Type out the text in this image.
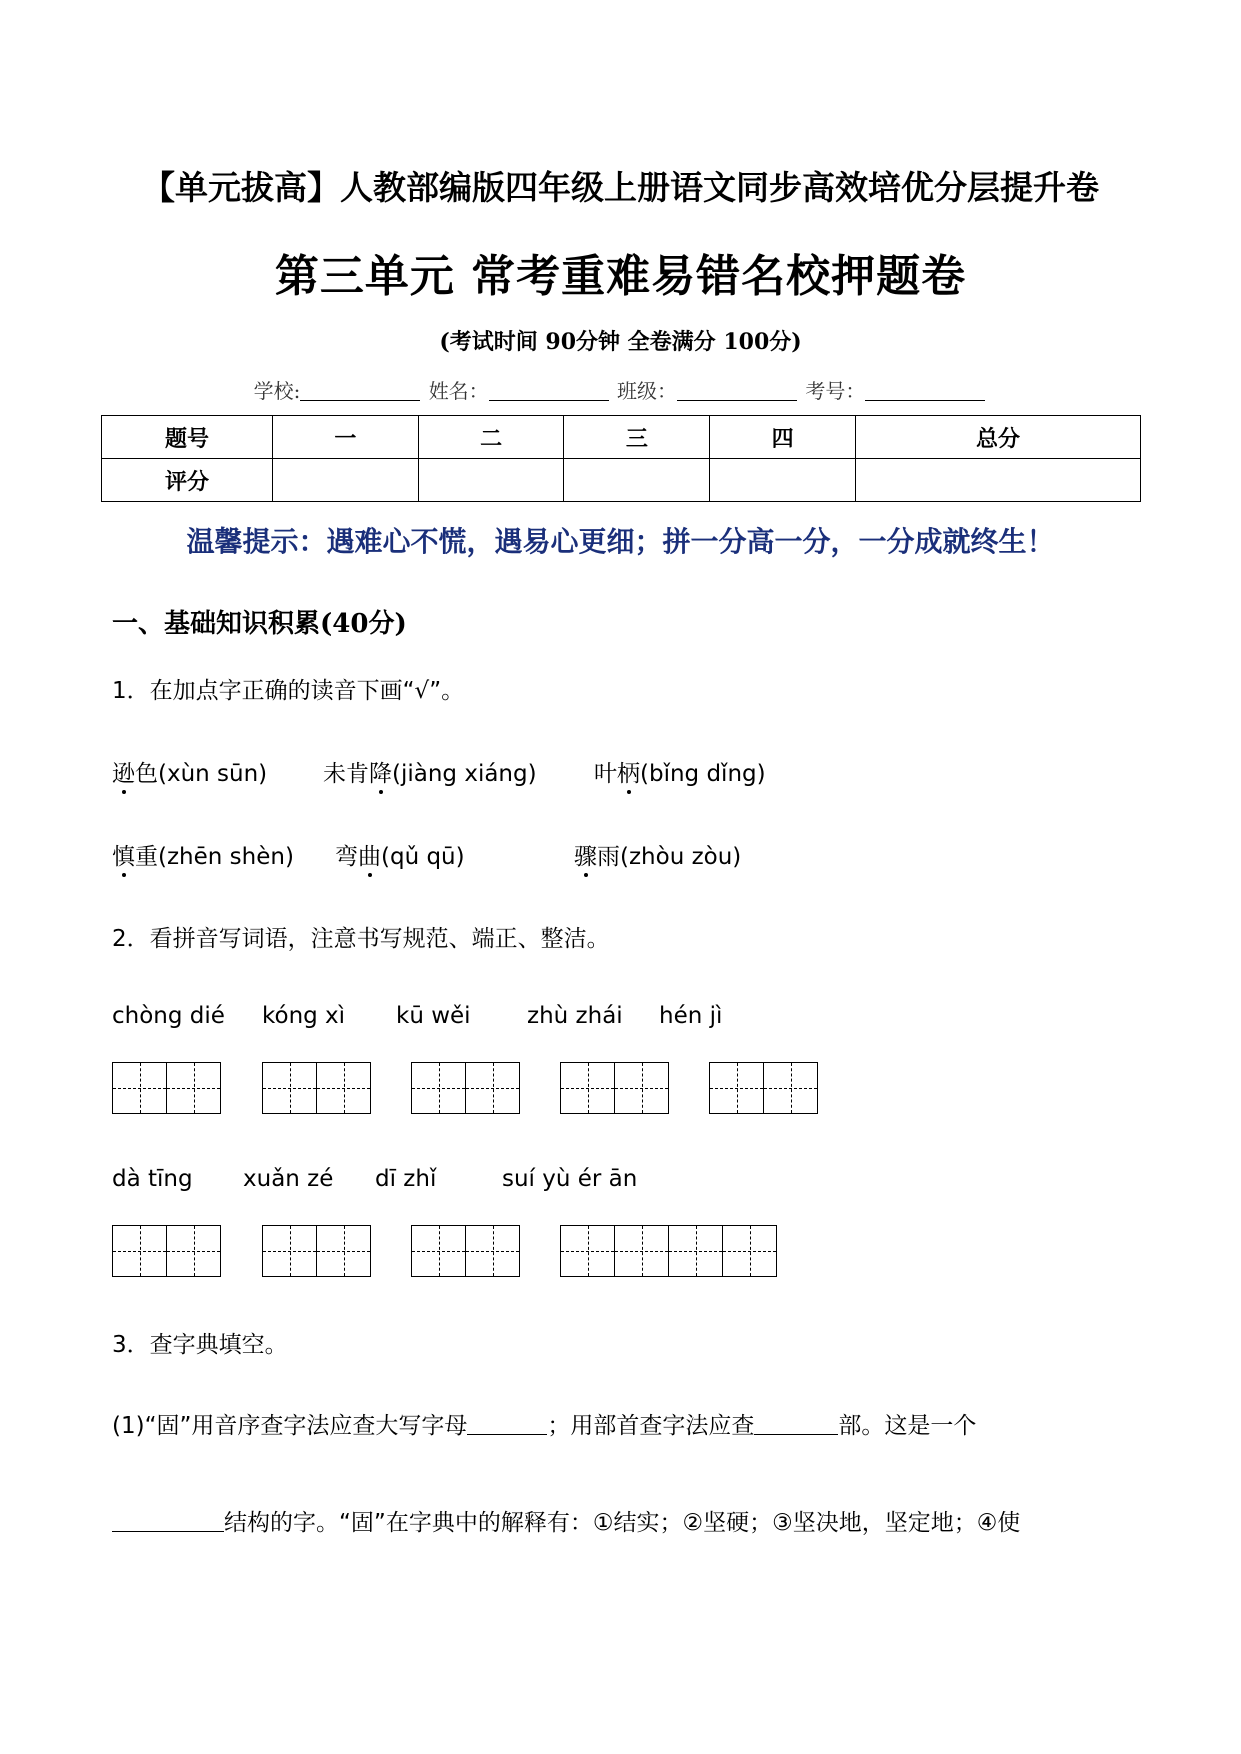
【单元拔高】人教部编版四年级上册语文同步高效培优分层提升卷
第三单元 常考重难易错名校押题卷
(考试时间 90分钟 全卷满分 100分)
学校:	姓名：	班级：	考号：
题号	一	二	三	四	总分
评分					
温馨提示：遇难心不慌，遇易心更细；拼一分高一分，一分成就终生！
一、基础知识积累(40分)
1．在加点字正确的读音下画“√”。
逊色(xùn sūn) 未肯降(jiàng xiáng) 叶柄(bǐng dǐng)
慎重(zhēn shèn) 弯曲(qǔ qū)	骤雨(zhòu zòu)
2．看拼音写词语，注意书写规范、端正、整洁。
chòng dié kóng xì kū wěi zhù zhái hén jì
dà tīng xuǎn zé dī zhǐ	suí yù ér ān
3．查字典填空。
(1)“固”用音序查字法应查大写字母	；用部首查字法应查	部。这是一个
结构的字。“固”在字典中的解释有：①结实；②坚硬；③坚决地，坚定地；④使
